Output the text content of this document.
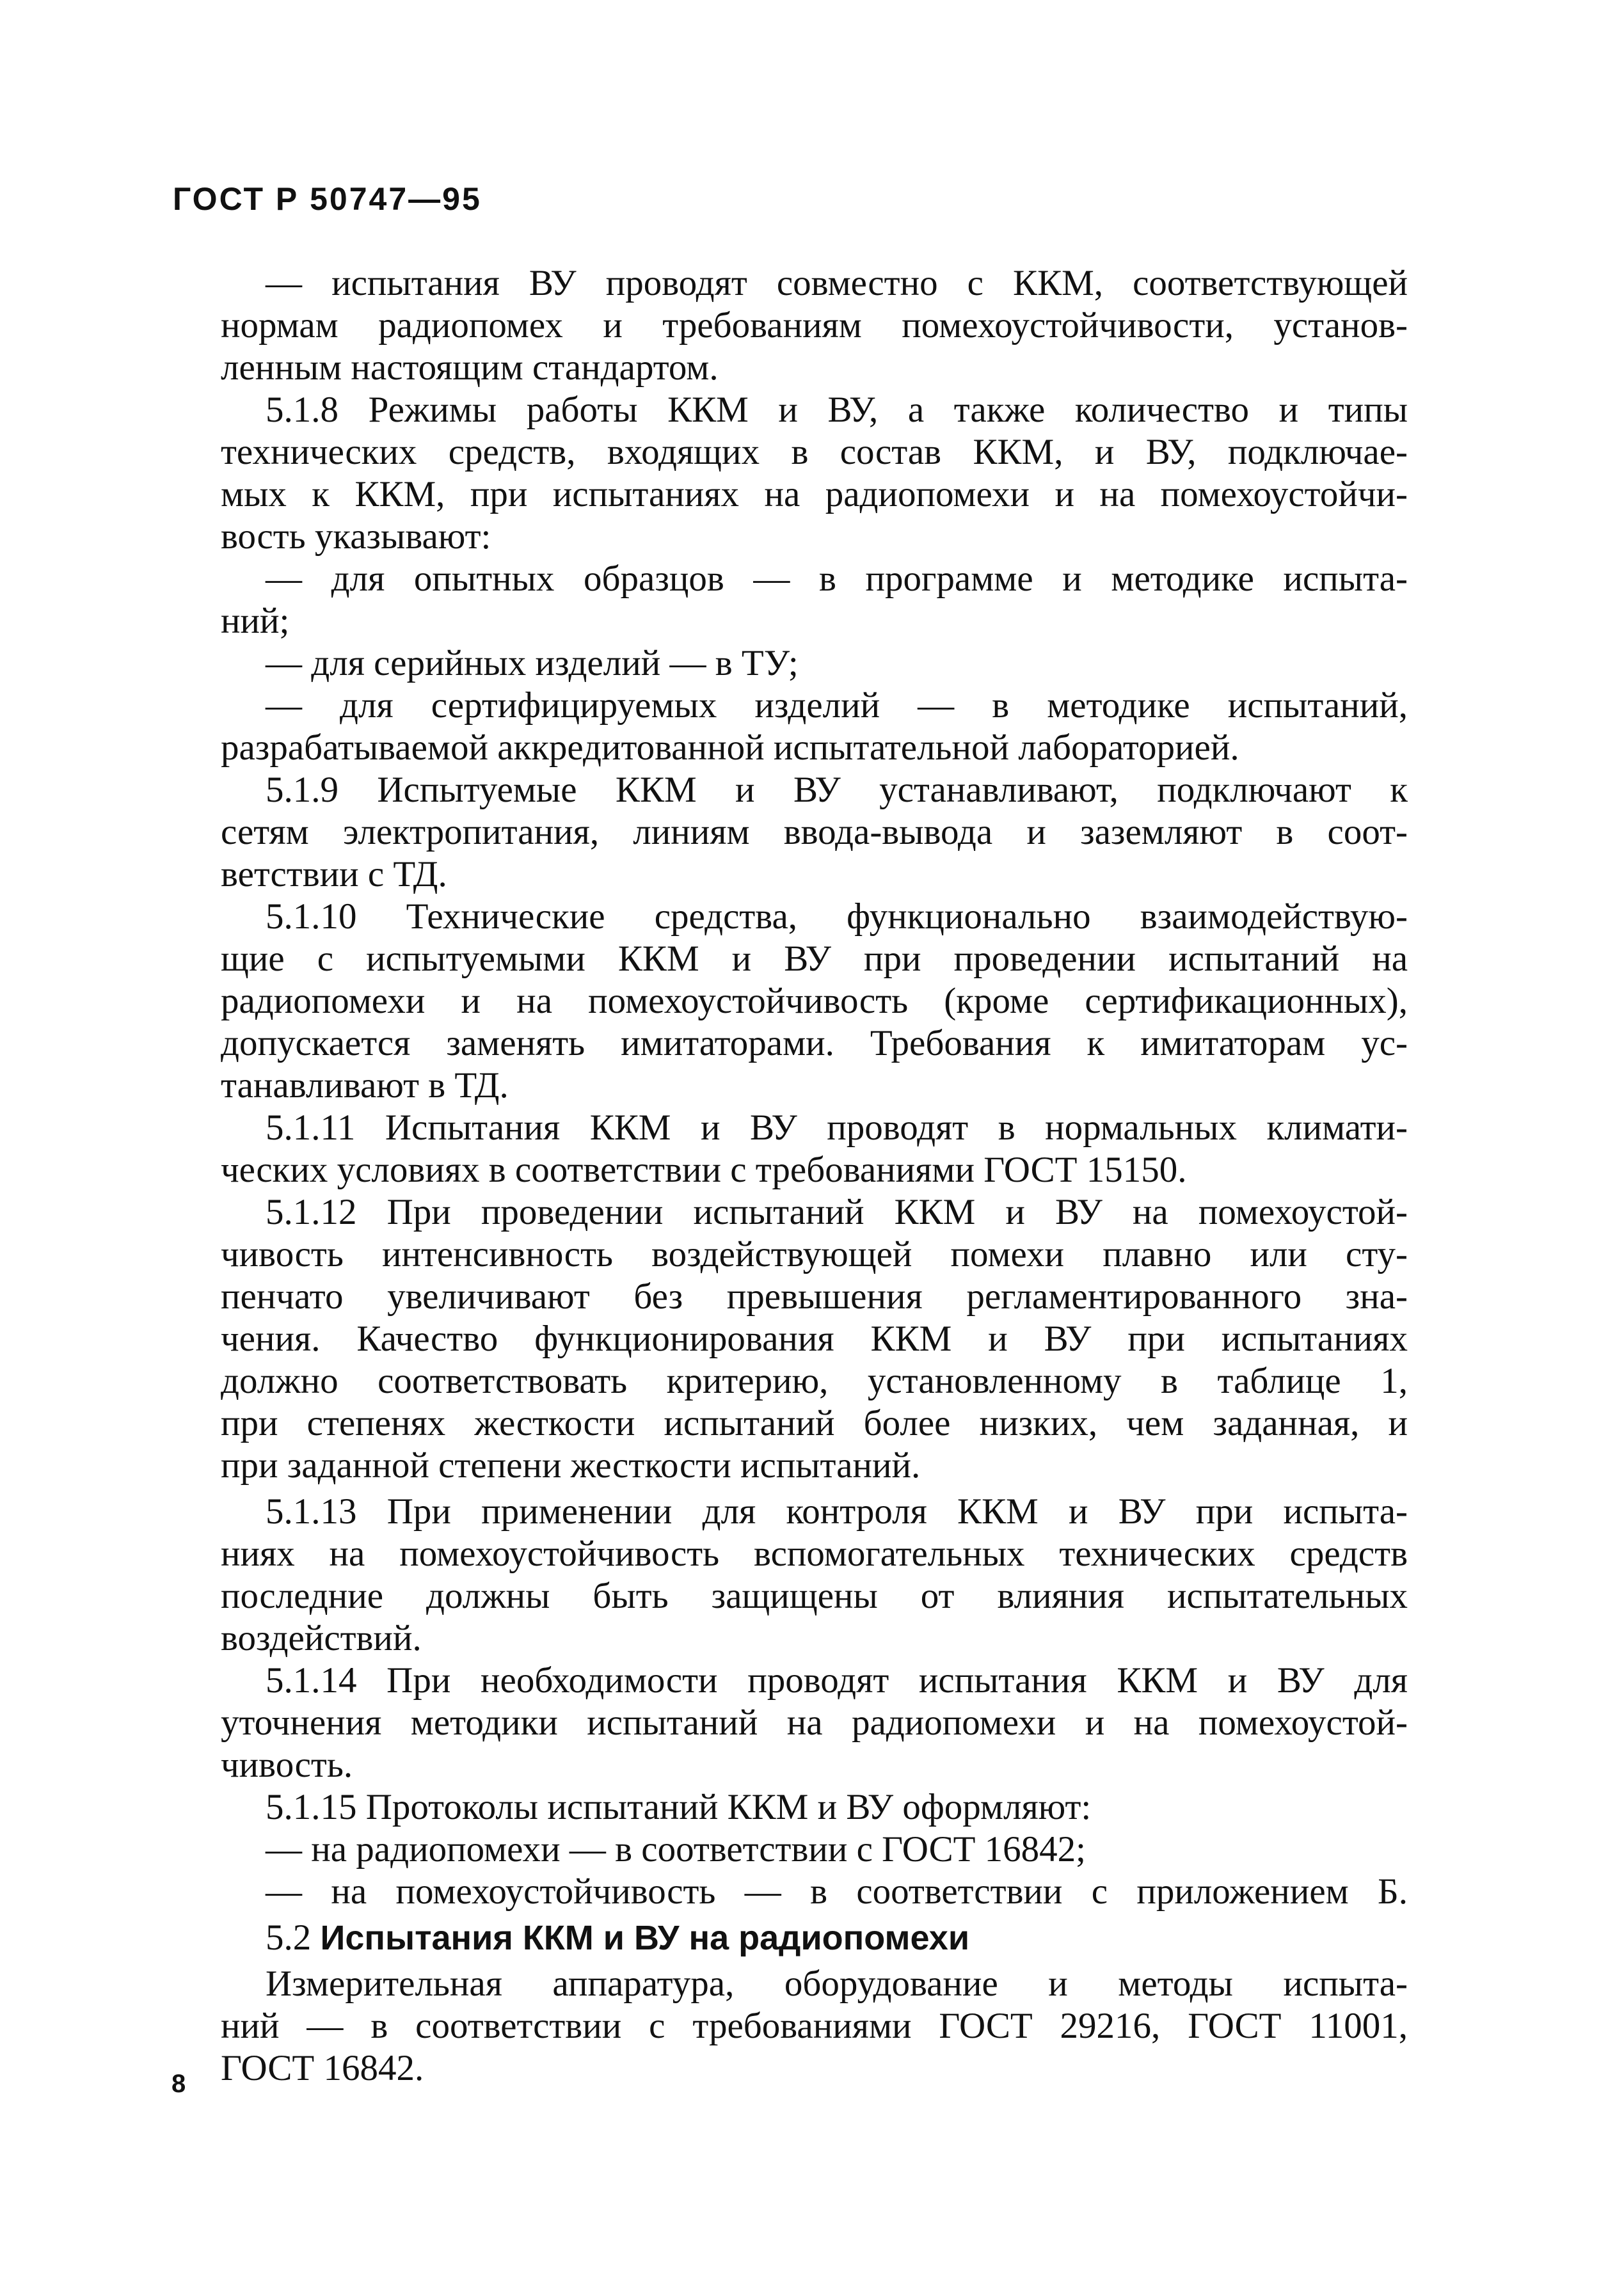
ГОСТ Р 50747—95
— испытания ВУ проводят совместно с ККМ, соответствующей
нормам радиопомех и требованиям помехоустойчивости, установ-
ленным настоящим стандартом.
5.1.8 Режимы работы ККМ и ВУ, а также количество и типы
технических средств, входящих в состав ККМ, и ВУ, подключае-
мых к ККМ, при испытаниях на радиопомехи и на помехоустойчи-
вость указывают:
— для опытных образцов — в программе и методике испыта-
ний;
— для серийных изделий — в ТУ;
— для сертифицируемых изделий — в методике испытаний,
разрабатываемой аккредитованной испытательной лабораторией.
5.1.9 Испытуемые ККМ и ВУ устанавливают, подключают к
сетям электропитания, линиям ввода-вывода и заземляют в соот-
ветствии с ТД.
5.1.10 Технические средства, функционально взаимодействую-
щие с испытуемыми ККМ и ВУ при проведении испытаний на
радиопомехи и на помехоустойчивость (кроме сертификационных),
допускается заменять имитаторами. Требования к имитаторам ус-
танавливают в ТД.
5.1.11 Испытания ККМ и ВУ проводят в нормальных климати-
ческих условиях в соответствии с требованиями ГОСТ 15150.
5.1.12 При проведении испытаний ККМ и ВУ на помехоустой-
чивость интенсивность воздействующей помехи плавно или сту-
пенчато увеличивают без превышения регламентированного зна-
чения. Качество функционирования ККМ и ВУ при испытаниях
должно соответствовать критерию, установленному в таблице 1,
при степенях жесткости испытаний более низких, чем заданная, и
при заданной степени жесткости испытаний.
5.1.13 При применении для контроля ККМ и ВУ при испыта-
ниях на помехоустойчивость вспомогательных технических средств
последние должны быть защищены от влияния испытательных
воздействий.
5.1.14 При необходимости проводят испытания ККМ и ВУ для
уточнения методики испытаний на радиопомехи и на помехоустой-
чивость.
5.1.15 Протоколы испытаний ККМ и ВУ оформляют:
— на радиопомехи — в соответствии с ГОСТ 16842;
— на помехоустойчивость — в соответствии с приложением Б.
5.2 Испытания ККМ и ВУ на радиопомехи
Измерительная аппаратура, оборудование и методы испыта-
ний — в соответствии с требованиями ГОСТ 29216, ГОСТ 11001,
ГОСТ 16842.
8
